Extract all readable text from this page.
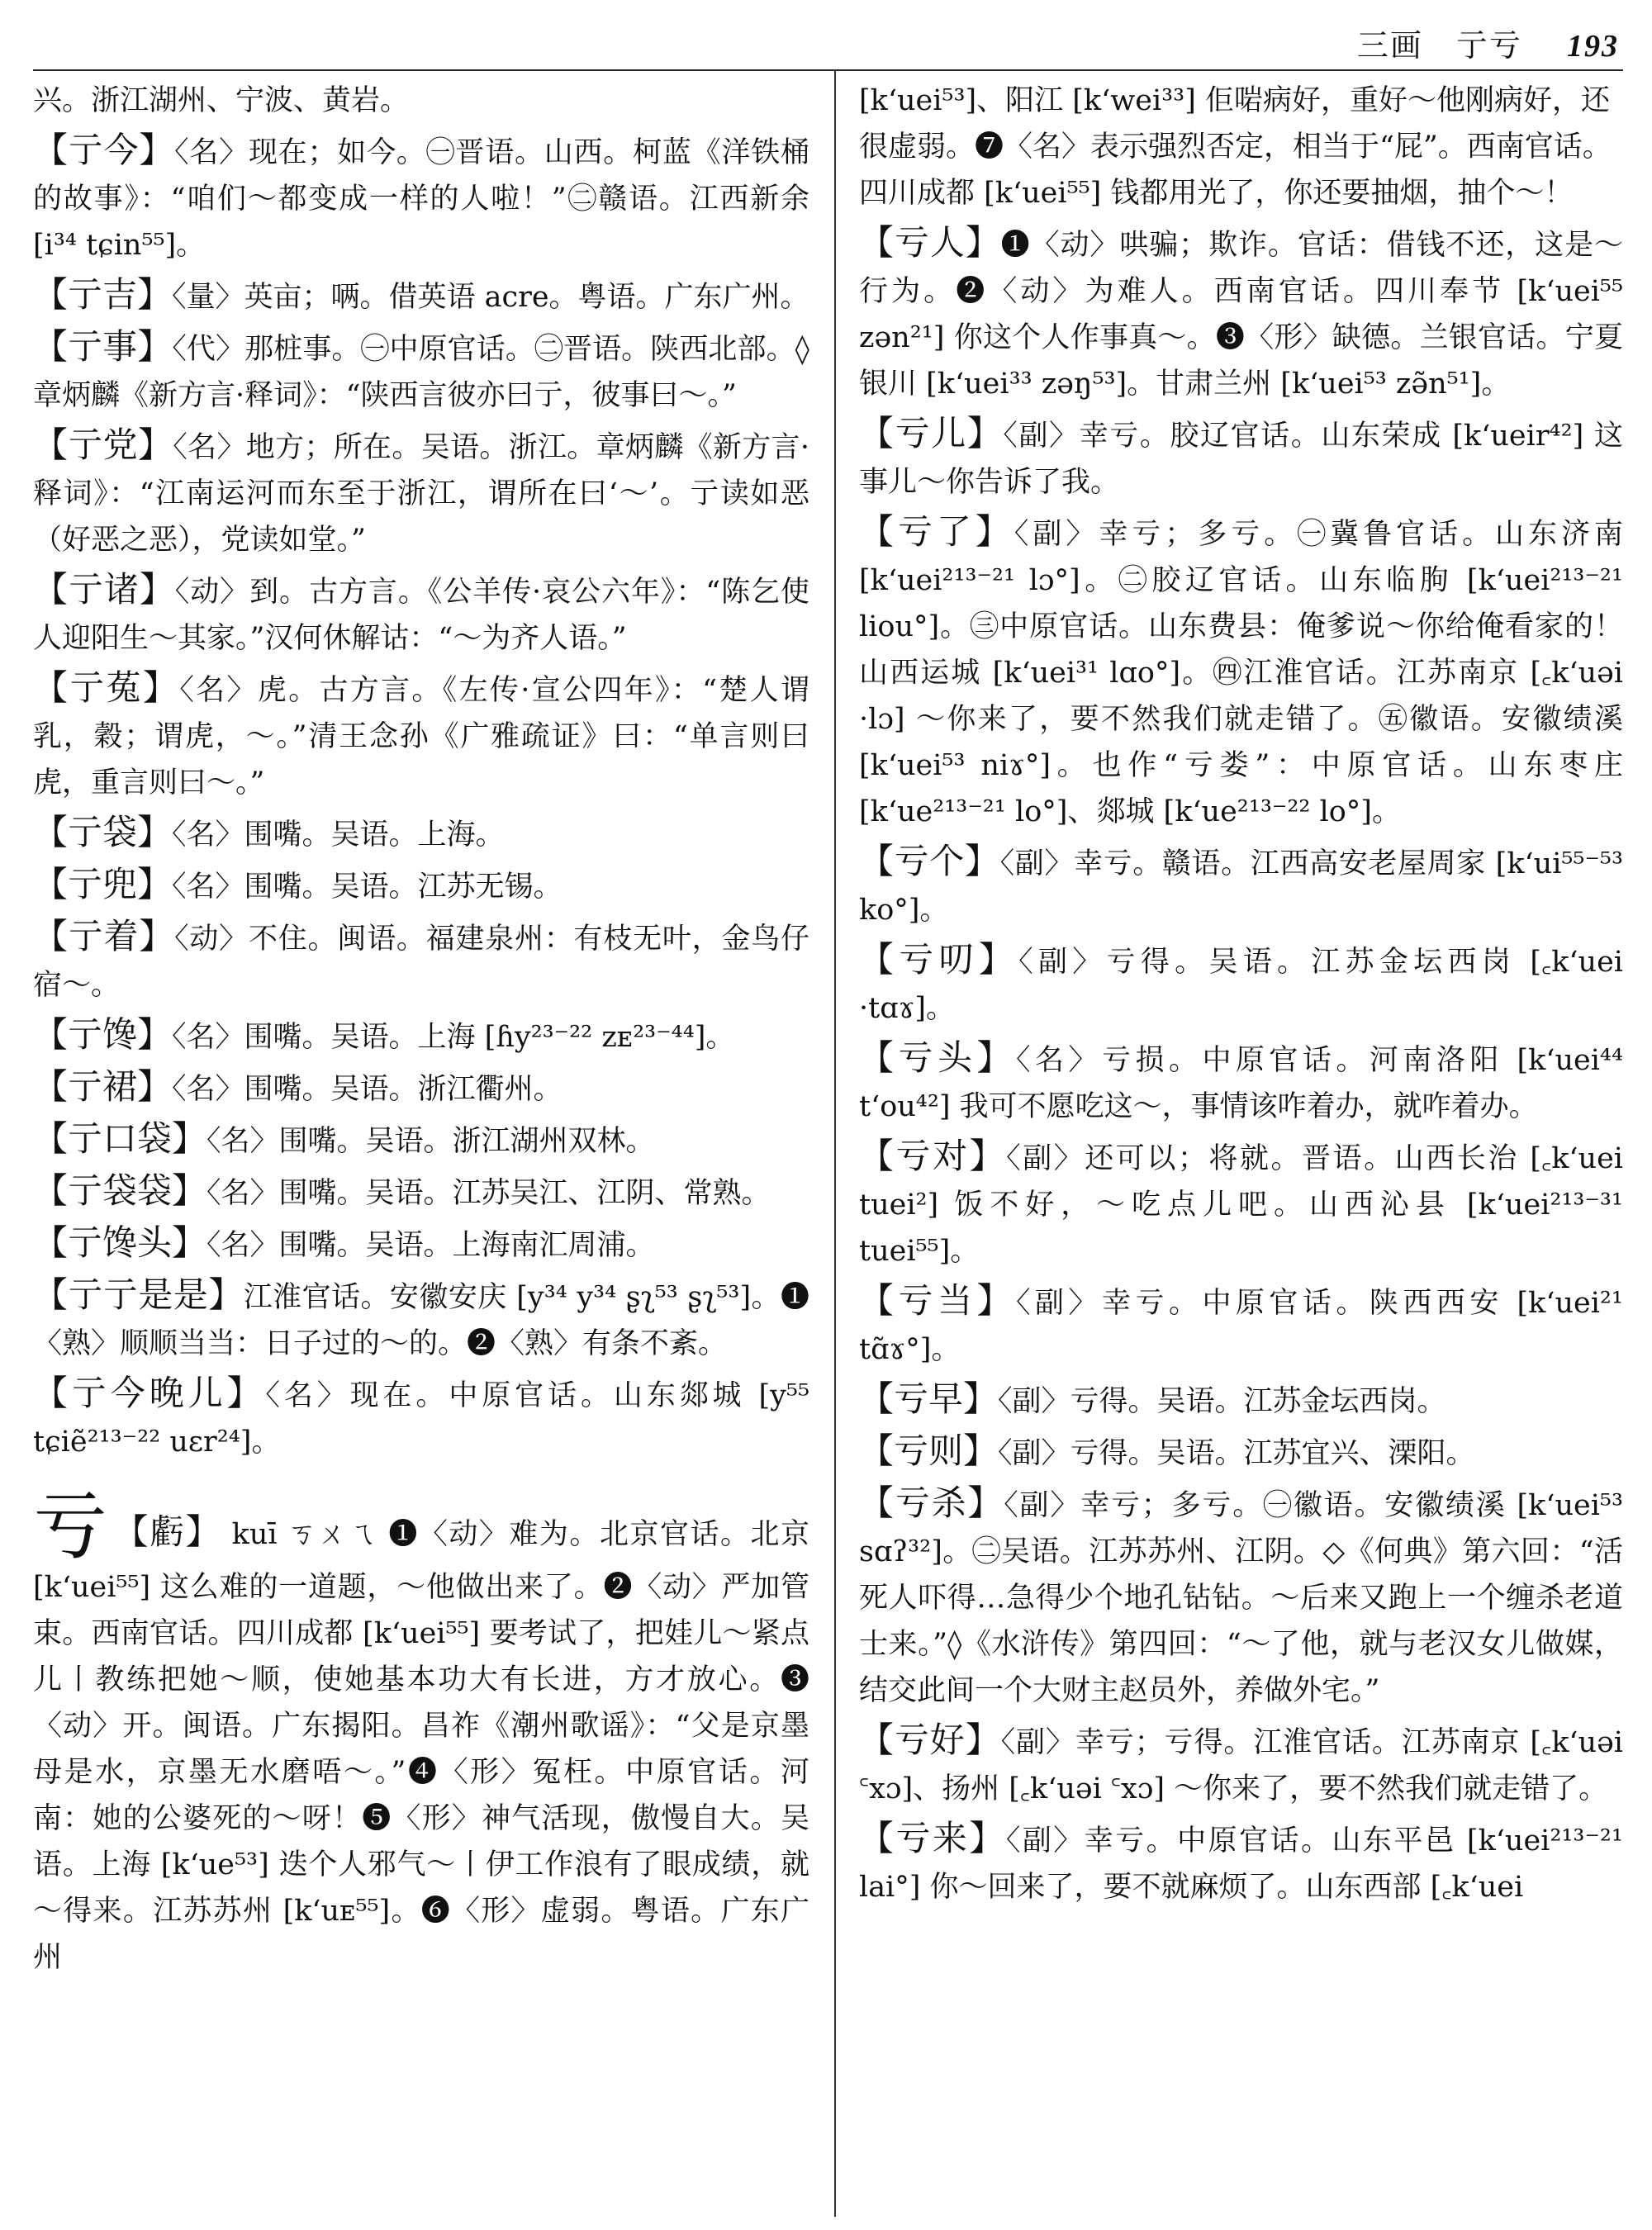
三画　亍亏 193
兴。浙江湖州、宁波、黄岩。
【亍今】〈名〉现在；如今。㊀晋语。山西。柯蓝《洋铁桶的故事》：“咱们～都变成一样的人啦！”㊁赣语。江西新余 [i³⁴ tɕin⁵⁵]。
【亍吉】〈量〉英亩；唡。借英语 acre。粤语。广东广州。
【亍事】〈代〉那桩事。㊀中原官话。㊁晋语。陕西北部。◊章炳麟《新方言·释词》：“陕西言彼亦曰亍，彼事曰～。”
【亍党】〈名〉地方；所在。吴语。浙江。章炳麟《新方言·释词》：“江南运河而东至于浙江，谓所在曰‘～’。亍读如恶（好恶之恶），党读如堂。”
【亍诸】〈动〉到。古方言。《公羊传·哀公六年》：“陈乞使人迎阳生～其家。”汉何休解诂：“～为齐人语。”
【亍菟】〈名〉虎。古方言。《左传·宣公四年》：“楚人谓乳，穀；谓虎，～。”清王念孙《广雅疏证》曰：“单言则曰虎，重言则曰～。”
【亍袋】〈名〉围嘴。吴语。上海。
【亍兜】〈名〉围嘴。吴语。江苏无锡。
【亍着】〈动〉不住。闽语。福建泉州：有枝无叶，金鸟仔宿～。
【亍馋】〈名〉围嘴。吴语。上海 [ɦy²³⁻²² zᴇ²³⁻⁴⁴]。
【亍裙】〈名〉围嘴。吴语。浙江衢州。
【亍口袋】〈名〉围嘴。吴语。浙江湖州双林。
【亍袋袋】〈名〉围嘴。吴语。江苏吴江、江阴、常熟。
【亍馋头】〈名〉围嘴。吴语。上海南汇周浦。
【亍亍是是】江淮官话。安徽安庆 [y³⁴ y³⁴ ʂʅ⁵³ ʂʅ⁵³]。❶〈熟〉顺顺当当：日子过的～的。❷〈熟〉有条不紊。
【亍今晚儿】〈名〉现在。中原官话。山东郯城 [y⁵⁵ tɕiẽ²¹³⁻²² uɛr²⁴]。
亏 【虧】 kuī ㄎㄨㄟ ❶〈动〉难为。北京官话。北京 [kʻuei⁵⁵] 这么难的一道题，～他做出来了。❷〈动〉严加管束。西南官话。四川成都 [kʻuei⁵⁵] 要考试了，把娃儿～紧点儿丨教练把她～顺，使她基本功大有长进，方才放心。❸〈动〉开。闽语。广东揭阳。昌祚《潮州歌谣》：“父是京墨母是水，京墨无水磨唔～。”❹〈形〉冤枉。中原官话。河南：她的公婆死的～呀！❺〈形〉神气活现，傲慢自大。吴语。上海 [kʻue⁵³] 迭个人邪气～丨伊工作浪有了眼成绩，就～得来。江苏苏州 [kʻuᴇ⁵⁵]。❻〈形〉虚弱。粤语。广东广州
[kʻuei⁵³]、阳江 [kʻwei³³] 佢啱病好，重好～他刚病好，还很虚弱。❼〈名〉表示强烈否定，相当于“屁”。西南官话。四川成都 [kʻuei⁵⁵] 钱都用光了，你还要抽烟，抽个～！
【亏人】❶〈动〉哄骗；欺诈。官话：借钱不还，这是～行为。❷〈动〉为难人。西南官话。四川奉节 [kʻuei⁵⁵ zən²¹] 你这个人作事真～。❸〈形〉缺德。兰银官话。宁夏银川 [kʻuei³³ zəŋ⁵³]。甘肃兰州 [kʻuei⁵³ zə̃n⁵¹]。
【亏儿】〈副〉幸亏。胶辽官话。山东荣成 [kʻueir⁴²] 这事儿～你告诉了我。
【亏了】〈副〉幸亏；多亏。㊀冀鲁官话。山东济南 [kʻuei²¹³⁻²¹ lɔ°]。㊁胶辽官话。山东临朐 [kʻuei²¹³⁻²¹ liou°]。㊂中原官话。山东费县：俺爹说～你给俺看家的！山西运城 [kʻuei³¹ lɑo°]。㊃江淮官话。江苏南京 [꜀kʻuəi ·lɔ] ～你来了，要不然我们就走错了。㊄徽语。安徽绩溪 [kʻuei⁵³ niɤ°]。也作“亏娄”：中原官话。山东枣庄 [kʻue²¹³⁻²¹ lo°]、郯城 [kʻue²¹³⁻²² lo°]。
【亏个】〈副〉幸亏。赣语。江西高安老屋周家 [kʻui⁵⁵⁻⁵³ ko°]。
【亏叨】〈副〉亏得。吴语。江苏金坛西岗 [꜀kʻuei ·tɑɤ]。
【亏头】〈名〉亏损。中原官话。河南洛阳 [kʻuei⁴⁴ tʻou⁴²] 我可不愿吃这～，事情该咋着办，就咋着办。
【亏对】〈副〉还可以；将就。晋语。山西长治 [꜀kʻuei tuei²] 饭不好，～吃点儿吧。山西沁县 [kʻuei²¹³⁻³¹ tuei⁵⁵]。
【亏当】〈副〉幸亏。中原官话。陕西西安 [kʻuei²¹ tɑ̃ɤ°]。
【亏早】〈副〉亏得。吴语。江苏金坛西岗。
【亏则】〈副〉亏得。吴语。江苏宜兴、溧阳。
【亏杀】〈副〉幸亏；多亏。㊀徽语。安徽绩溪 [kʻuei⁵³ sɑʔ³²]。㊁吴语。江苏苏州、江阴。◇《何典》第六回：“活死人吓得…急得少个地孔钻钻。～后来又跑上一个缠杀老道士来。”◊《水浒传》第四回：“～了他，就与老汉女儿做媒，结交此间一个大财主赵员外，养做外宅。”
【亏好】〈副〉幸亏；亏得。江淮官话。江苏南京 [꜀kʻuəi ꜂xɔ]、扬州 [꜀kʻuəi ꜂xɔ] ～你来了，要不然我们就走错了。
【亏来】〈副〉幸亏。中原官话。山东平邑 [kʻuei²¹³⁻²¹ lai°] 你～回来了，要不就麻烦了。山东西部 [꜀kʻuei
